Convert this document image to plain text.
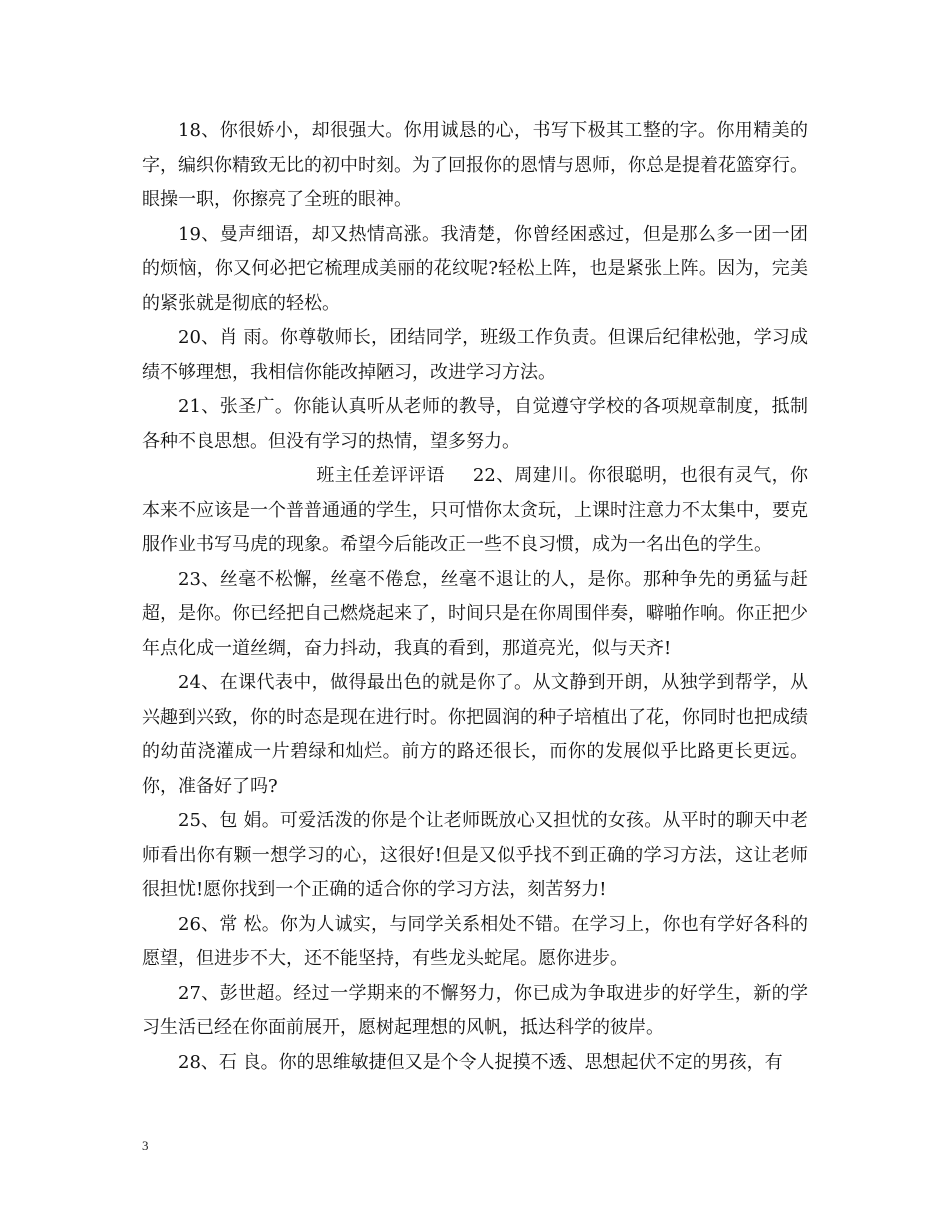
18、你很娇小，却很强大。你用诚恳的心，书写下极其工整的字。你用精美的字，编织你精致无比的初中时刻。为了回报你的恩情与恩师，你总是提着花篮穿行。眼操一职，你擦亮了全班的眼神。

19、曼声细语，却又热情高涨。我清楚，你曾经困惑过，但是那么多一团一团的烦恼，你又何必把它梳理成美丽的花纹呢?轻松上阵，也是紧张上阵。因为，完美的紧张就是彻底的轻松。

20、肖 雨。你尊敬师长，团结同学，班级工作负责。但课后纪律松弛，学习成绩不够理想，我相信你能改掉陋习，改进学习方法。

21、张圣广。你能认真听从老师的教导，自觉遵守学校的各项规章制度，抵制各种不良思想。但没有学习的热情，望多努力。

班主任差评评语 22、周建川。你很聪明，也很有灵气，你本来不应该是一个普普通通的学生，只可惜你太贪玩，上课时注意力不太集中，要克服作业书写马虎的现象。希望今后能改正一些不良习惯，成为一名出色的学生。

23、丝毫不松懈，丝毫不倦怠，丝毫不退让的人，是你。那种争先的勇猛与赶超，是你。你已经把自己燃烧起来了，时间只是在你周围伴奏，噼啪作响。你正把少年点化成一道丝绸，奋力抖动，我真的看到，那道亮光，似与天齐!

24、在课代表中，做得最出色的就是你了。从文静到开朗，从独学到帮学，从兴趣到兴致，你的时态是现在进行时。你把圆润的种子培植出了花，你同时也把成绩的幼苗浇灌成一片碧绿和灿烂。前方的路还很长，而你的发展似乎比路更长更远。你，准备好了吗?

25、包 娟。可爱活泼的你是个让老师既放心又担忧的女孩。从平时的聊天中老师看出你有颗一想学习的心，这很好!但是又似乎找不到正确的学习方法，这让老师很担忧!愿你找到一个正确的适合你的学习方法，刻苦努力!

26、常 松。你为人诚实，与同学关系相处不错。在学习上，你也有学好各科的愿望，但进步不大，还不能坚持，有些龙头蛇尾。愿你进步。

27、彭世超。经过一学期来的不懈努力，你已成为争取进步的好学生，新的学习生活已经在你面前展开，愿树起理想的风帆，抵达科学的彼岸。

28、石 良。你的思维敏捷但又是个令人捉摸不透、思想起伏不定的男孩，有

3
